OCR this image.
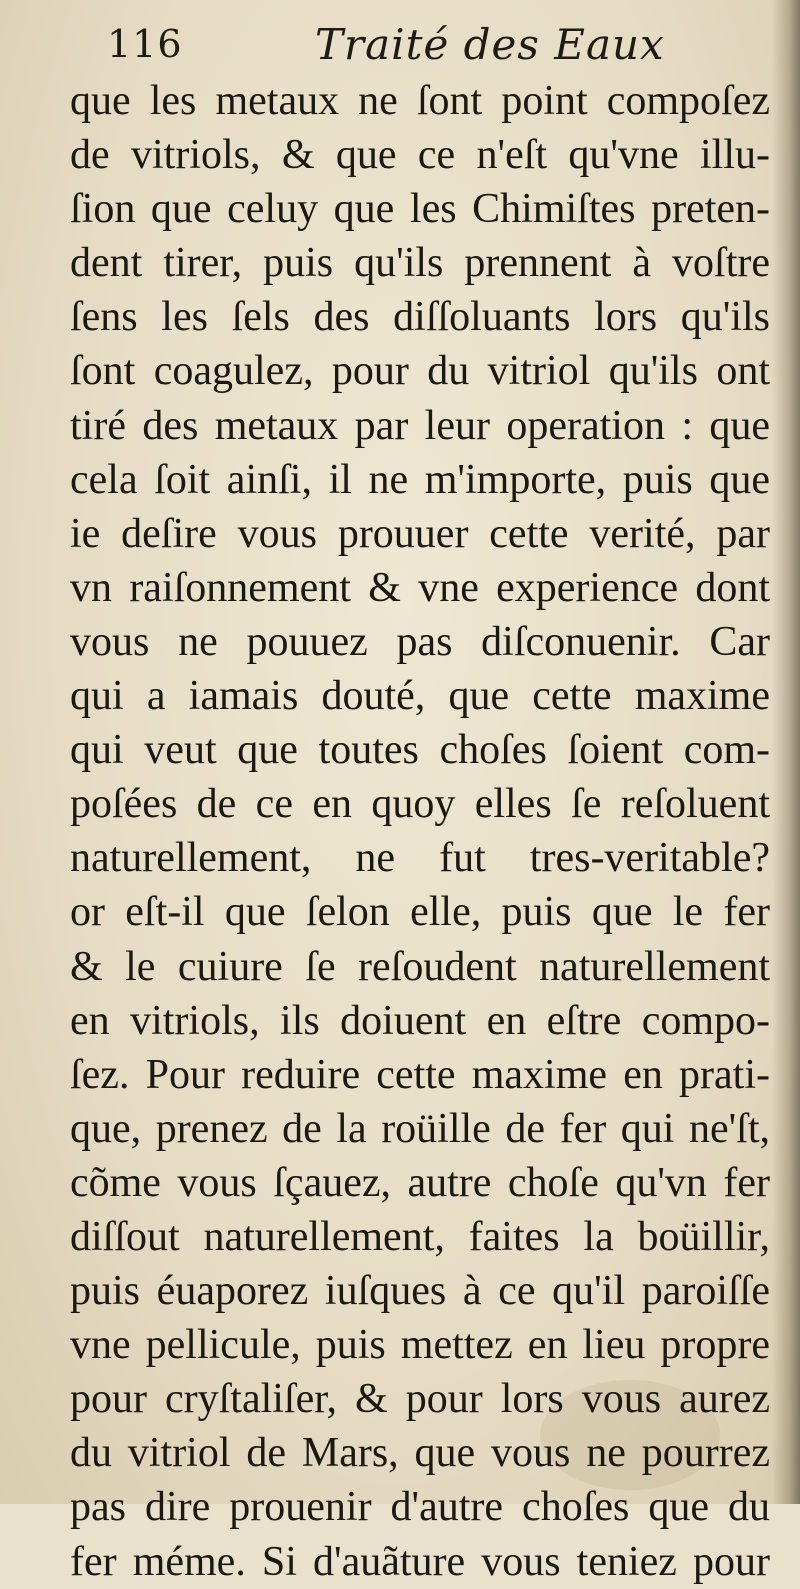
116	Traité des Eaux
que les metaux ne ſont point compoſez
de vitriols, & que ce n'eſt qu'vne illu-
ſion que celuy que les Chimiſtes preten-
dent tirer, puis qu'ils prennent à voſtre
ſens les ſels des diſſoluants lors qu'ils
ſont coagulez, pour du vitriol qu'ils ont
tiré des metaux par leur operation : que
cela ſoit ainſi, il ne m'importe, puis que
ie deſire vous prouuer cette verité, par
vn raiſonnement & vne experience dont
vous ne pouuez pas diſconuenir. Car
qui a iamais douté, que cette maxime
qui veut que toutes choſes ſoient com-
poſées de ce en quoy elles ſe reſoluent
naturellement, ne fut tres-veritable?
or eſt-il que ſelon elle, puis que le fer
& le cuiure ſe reſoudent naturellement
en vitriols, ils doiuent en eſtre compo-
ſez. Pour reduire cette maxime en prati-
que, prenez de la roüille de fer qui ne'ſt,
cõme vous ſçauez, autre choſe qu'vn fer
diſſout naturellement, faites la boüillir,
puis éuaporez iuſques à ce qu'il paroiſſe
vne pellicule, puis mettez en lieu propre
pour cryſtaliſer, & pour lors vous aurez
du vitriol de Mars, que vous ne pourrez
pas dire prouenir d'autre choſes que du
fer méme. Si d'auãture vous teniez pour
